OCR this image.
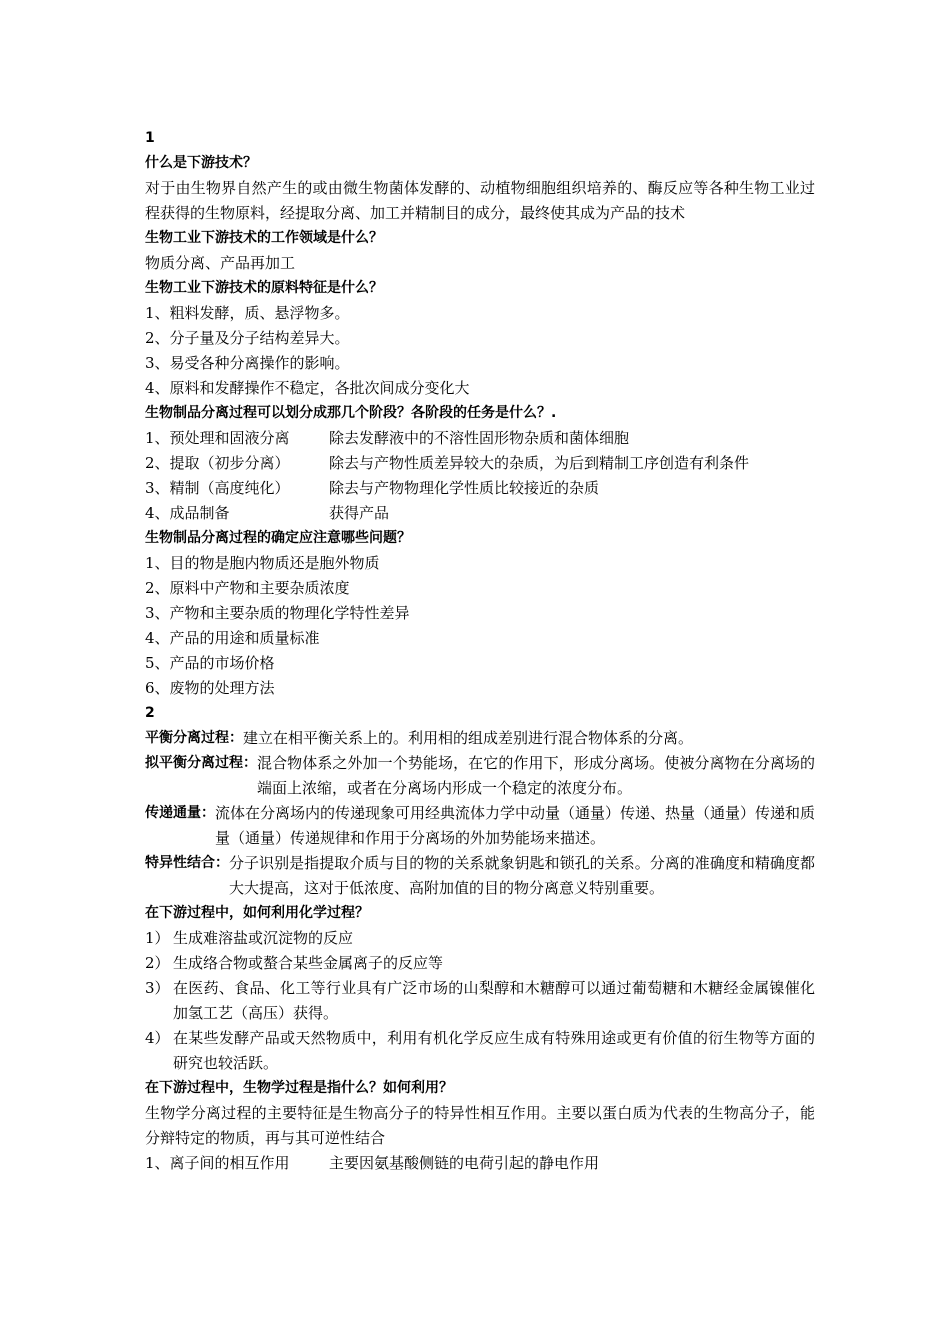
1

什么是下游技术？

对于由生物界自然产生的或由微生物菌体发酵的、动植物细胞组织培养的、酶反应等各种生物工业过程获得的生物原料，经提取分离、加工并精制目的成分，最终使其成为产品的技术

生物工业下游技术的工作领域是什么？

物质分离、产品再加工

生物工业下游技术的原料特征是什么？

1、粗料发酵，质、悬浮物多。

2、分子量及分子结构差异大。

3、易受各种分离操作的影响。

4、原料和发酵操作不稳定，各批次间成分变化大

生物制品分离过程可以划分成那几个阶段？各阶段的任务是什么？.

1、预处理和固液分离	除去发酵液中的不溶性固形物杂质和菌体细胞
2、提取（初步分离）	除去与产物性质差异较大的杂质，为后到精制工序创造有利条件
3、精制（高度纯化）	除去与产物物理化学性质比较接近的杂质
4、成品制备	获得产品

生物制品分离过程的确定应注意哪些问题？

1、目的物是胞内物质还是胞外物质

2、原料中产物和主要杂质浓度

3、产物和主要杂质的物理化学特性差异

4、产品的用途和质量标准

5、产品的市场价格

6、废物的处理方法

2

平衡分离过程： 建立在相平衡关系上的。利用相的组成差别进行混合物体系的分离。
拟平衡分离过程： 混合物体系之外加一个势能场，在它的作用下，形成分离场。使被分离物在分离场的端面上浓缩，或者在分离场内形成一个稳定的浓度分布。
传递通量： 流体在分离场内的传递现象可用经典流体力学中动量（通量）传递、热量（通量）传递和质量（通量）传递规律和作用于分离场的外加势能场来描述。
特异性结合： 分子识别是指提取介质与目的物的关系就象钥匙和锁孔的关系。分离的准确度和精确度都大大提高，这对于低浓度、高附加值的目的物分离意义特别重要。

在下游过程中，如何利用化学过程？

1） 生成难溶盐或沉淀物的反应
2） 生成络合物或螯合某些金属离子的反应等
3） 在医药、食品、化工等行业具有广泛市场的山梨醇和木糖醇可以通过葡萄糖和木糖经金属镍催化加氢工艺（高压）获得。
4） 在某些发酵产品或天然物质中，利用有机化学反应生成有特殊用途或更有价值的衍生物等方面的研究也较活跃。

在下游过程中，生物学过程是指什么？如何利用？

生物学分离过程的主要特征是生物高分子的特异性相互作用。主要以蛋白质为代表的生物高分子，能分辩特定的物质，再与其可逆性结合

1、离子间的相互作用	主要因氨基酸侧链的电荷引起的静电作用
